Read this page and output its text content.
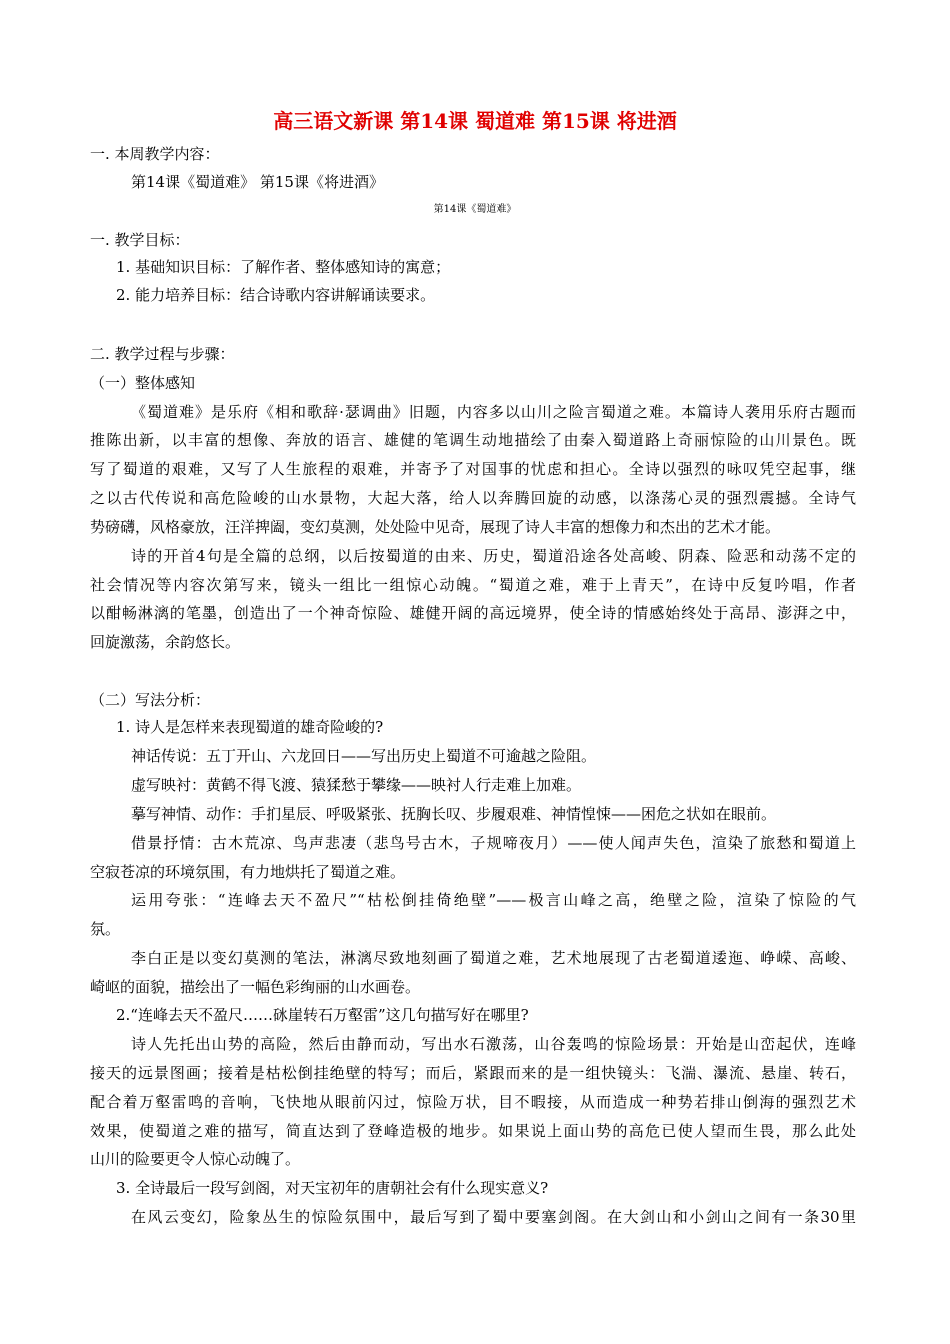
高三语文新课 第14课 蜀道难 第15课 将进酒
一. 本周教学内容：
第14课《蜀道难》 第15课《将进酒》
第14课《蜀道难》
一. 教学目标：
1. 基础知识目标：了解作者、整体感知诗的寓意；
2. 能力培养目标：结合诗歌内容讲解诵读要求。
二. 教学过程与步骤：
（一）整体感知
《蜀道难》是乐府《相和歌辞·瑟调曲》旧题，内容多以山川之险言蜀道之难。本篇诗人袭用乐府古题而
推陈出新，以丰富的想像、奔放的语言、雄健的笔调生动地描绘了由秦入蜀道路上奇丽惊险的山川景色。既
写了蜀道的艰难，又写了人生旅程的艰难，并寄予了对国事的忧虑和担心。全诗以强烈的咏叹凭空起事，继
之以古代传说和高危险峻的山水景物，大起大落，给人以奔腾回旋的动感，以涤荡心灵的强烈震撼。全诗气
势磅礴，风格豪放，汪洋捭阖，变幻莫测，处处险中见奇，展现了诗人丰富的想像力和杰出的艺术才能。
诗的开首4句是全篇的总纲，以后按蜀道的由来、历史，蜀道沿途各处高峻、阴森、险恶和动荡不定的
社会情况等内容次第写来，镜头一组比一组惊心动魄。“蜀道之难，难于上青天”，在诗中反复吟唱，作者
以酣畅淋漓的笔墨，创造出了一个神奇惊险、雄健开阔的高远境界，使全诗的情感始终处于高昂、澎湃之中，
回旋激荡，余韵悠长。
（二）写法分析：
1. 诗人是怎样来表现蜀道的雄奇险峻的?
神话传说：五丁开山、六龙回日——写出历史上蜀道不可逾越之险阻。
虚写映衬：黄鹤不得飞渡、猿猱愁于攀缘——映衬人行走难上加难。
摹写神情、动作：手扪星辰、呼吸紧张、抚胸长叹、步履艰难、神情惶悚——困危之状如在眼前。
借景抒情：古木荒凉、鸟声悲凄（悲鸟号古木，子规啼夜月）——使人闻声失色，渲染了旅愁和蜀道上
空寂苍凉的环境氛围，有力地烘托了蜀道之难。
运用夸张：“连峰去天不盈尺”“枯松倒挂倚绝壁”——极言山峰之高，绝壁之险，渲染了惊险的气
氛。
李白正是以变幻莫测的笔法，淋漓尽致地刻画了蜀道之难，艺术地展现了古老蜀道逶迤、峥嵘、高峻、
崎岖的面貌，描绘出了一幅色彩绚丽的山水画卷。
2.“连峰去天不盈尺……砯崖转石万壑雷”这几句描写好在哪里?
诗人先托出山势的高险，然后由静而动，写出水石激荡，山谷轰鸣的惊险场景：开始是山峦起伏，连峰
接天的远景图画；接着是枯松倒挂绝壁的特写；而后，紧跟而来的是一组快镜头：飞湍、瀑流、悬崖、转石，
配合着万壑雷鸣的音响，飞快地从眼前闪过，惊险万状，目不暇接，从而造成一种势若排山倒海的强烈艺术
效果，使蜀道之难的描写，简直达到了登峰造极的地步。如果说上面山势的高危已使人望而生畏，那么此处
山川的险要更令人惊心动魄了。
3. 全诗最后一段写剑阁，对天宝初年的唐朝社会有什么现实意义?
在风云变幻，险象丛生的惊险氛围中，最后写到了蜀中要塞剑阁。在大剑山和小剑山之间有一条30里
